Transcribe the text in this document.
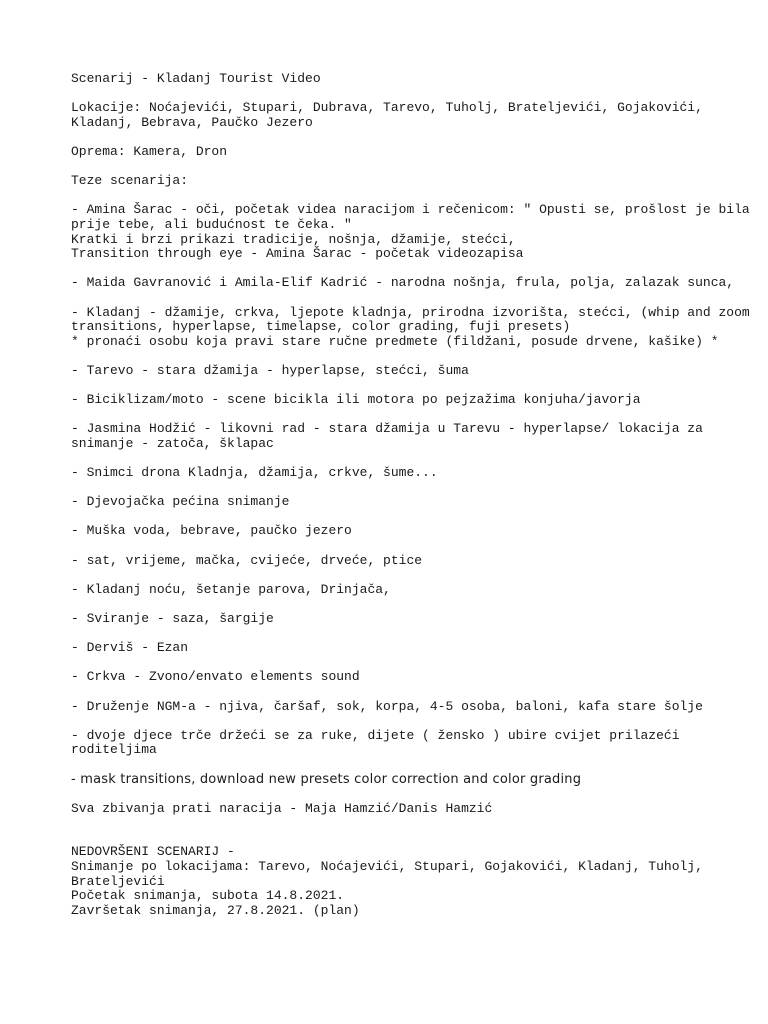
Scenarij - Kladanj Tourist Video
Lokacije: Noćajevići, Stupari, Dubrava, Tarevo, Tuholj, Brateljevići, Gojakovići, Kladanj, Bebrava, Paučko Jezero
Oprema: Kamera, Dron
Teze scenarija:
- Amina Šarac - oči, početak videa naracijom i rečenicom: " Opusti se, prošlost je bila prije tebe, ali budućnost te čeka. "
Kratki i brzi prikazi tradicije, nošnja, džamije, stećci,
Transition through eye - Amina Šarac - početak videozapisa
- Maida Gavranović i Amila-Elif Kadrić - narodna nošnja, frula, polja, zalazak sunca,
- Kladanj - džamije, crkva, ljepote kladnja, prirodna izvorišta, stećci, (whip and zoom transitions, hyperlapse, timelapse, color grading, fuji presets)
* pronaći osobu koja pravi stare ručne predmete (fildžani, posude drvene, kašike) *
- Tarevo - stara džamija - hyperlapse, stećci, šuma
- Biciklizam/moto - scene bicikla ili motora po pejzažima konjuha/javorja
- Jasmina Hodžić - likovni rad - stara džamija u Tarevu - hyperlapse/ lokacija za snimanje - zatoča, šklapac
- Snimci drona Kladnja, džamija, crkve, šume...
- Djevojačka pećina snimanje
- Muška voda, bebrave, paučko jezero
- sat, vrijeme, mačka, cvijeće, drveće, ptice
- Kladanj noću, šetanje parova, Drinjača,
- Sviranje - saza, šargije
- Derviš - Ezan
- Crkva - Zvono/envato elements sound
- Druženje NGM-a - njiva, čaršaf, sok, korpa, 4-5 osoba, baloni, kafa stare šolje
- dvoje djece trče držeći se za ruke, dijete ( žensko ) ubire cvijet prilazeći roditeljima
- mask transitions, download new presets color correction and color grading
Sva zbivanja prati naracija - Maja Hamzić/Danis Hamzić
NEDOVRŠENI SCENARIJ -
Snimanje po lokacijama: Tarevo, Noćajevići, Stupari, Gojakovići, Kladanj, Tuholj, Brateljevići
Početak snimanja, subota 14.8.2021.
Završetak snimanja, 27.8.2021. (plan)
